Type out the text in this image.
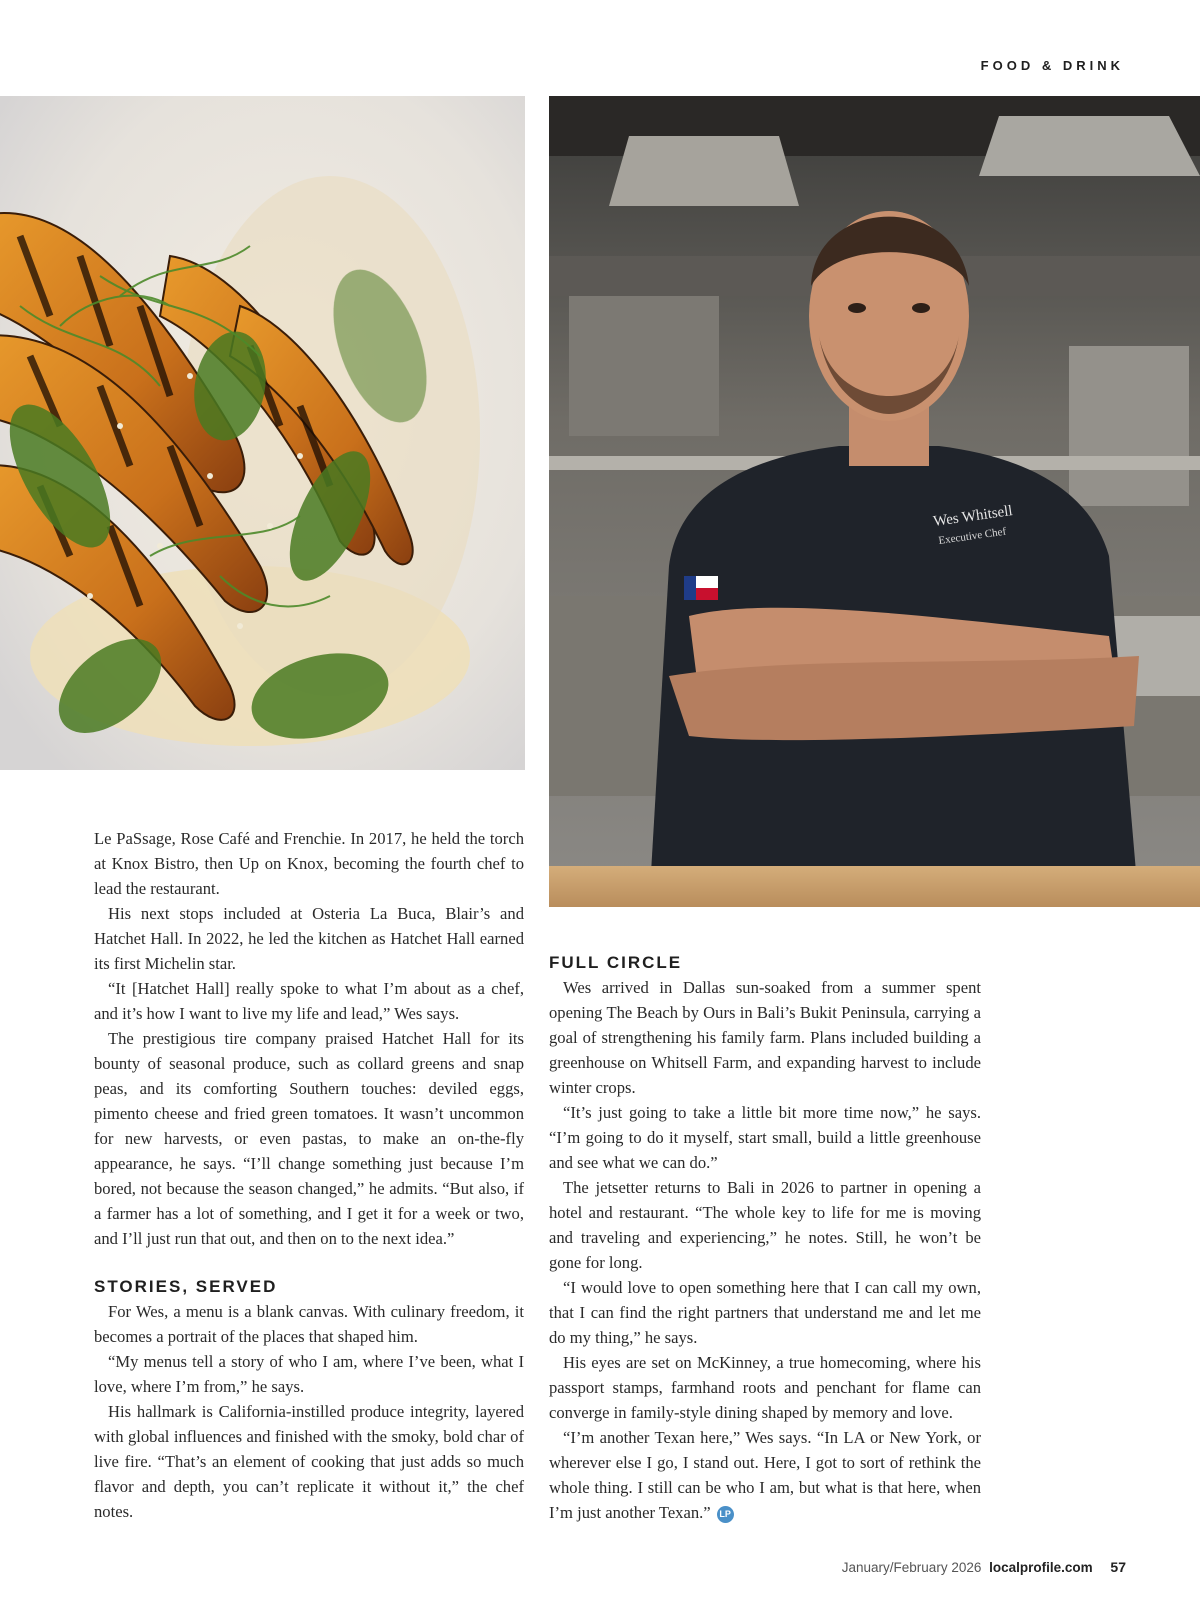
FOOD & DRINK
Wes Whitsell
Executive Chef

Le PaSsage, Rose Café and Frenchie. In 2017, he held the torch at Knox Bistro, then Up on Knox, becoming the fourth chef to lead the restaurant.

His next stops included at Osteria La Buca, Blair’s and Hatchet Hall. In 2022, he led the kitchen as Hatchet Hall earned its first Michelin star.

“It [Hatchet Hall] really spoke to what I’m about as a chef, and it’s how I want to live my life and lead,” Wes says.

The prestigious tire company praised Hatchet Hall for its bounty of seasonal produce, such as collard greens and snap peas, and its comforting Southern touches: deviled eggs, pimento cheese and fried green tomatoes. It wasn’t uncommon for new harvests, or even pastas, to make an on-the-fly appearance, he says. “I’ll change something just because I’m bored, not because the season changed,” he admits. “But also, if a farmer has a lot of something, and I get it for a week or two, and I’ll just run that out, and then on to the next idea.”

STORIES, SERVED

For Wes, a menu is a blank canvas. With culinary freedom, it becomes a portrait of the places that shaped him.

“My menus tell a story of who I am, where I’ve been, what I love, where I’m from,” he says.

His hallmark is California-instilled produce integrity, layered with global influences and finished with the smoky, bold char of live fire. “That’s an element of cooking that just adds so much flavor and depth, you can’t replicate it without it,” the chef notes.

FULL CIRCLE

Wes arrived in Dallas sun-soaked from a summer spent opening The Beach by Ours in Bali’s Bukit Peninsula, carrying a goal of strengthening his family farm. Plans included building a greenhouse on Whitsell Farm, and expanding harvest to include winter crops.

“It’s just going to take a little bit more time now,” he says. “I’m going to do it myself, start small, build a little greenhouse and see what we can do.”

The jetsetter returns to Bali in 2026 to partner in opening a hotel and restaurant. “The whole key to life for me is moving and traveling and experiencing,” he notes. Still, he won’t be gone for long.

“I would love to open something here that I can call my own, that I can find the right partners that understand me and let me do my thing,” he says.

His eyes are set on McKinney, a true homecoming, where his passport stamps, farmhand roots and penchant for flame can converge in family-style dining shaped by memory and love.

“I’m another Texan here,” Wes says. “In LA or New York, or wherever else I go, I stand out. Here, I got to sort of rethink the whole thing. I still can be who I am, but what is that here, when I’m just another Texan.” LP

January/February 2026 localprofile.com 57
